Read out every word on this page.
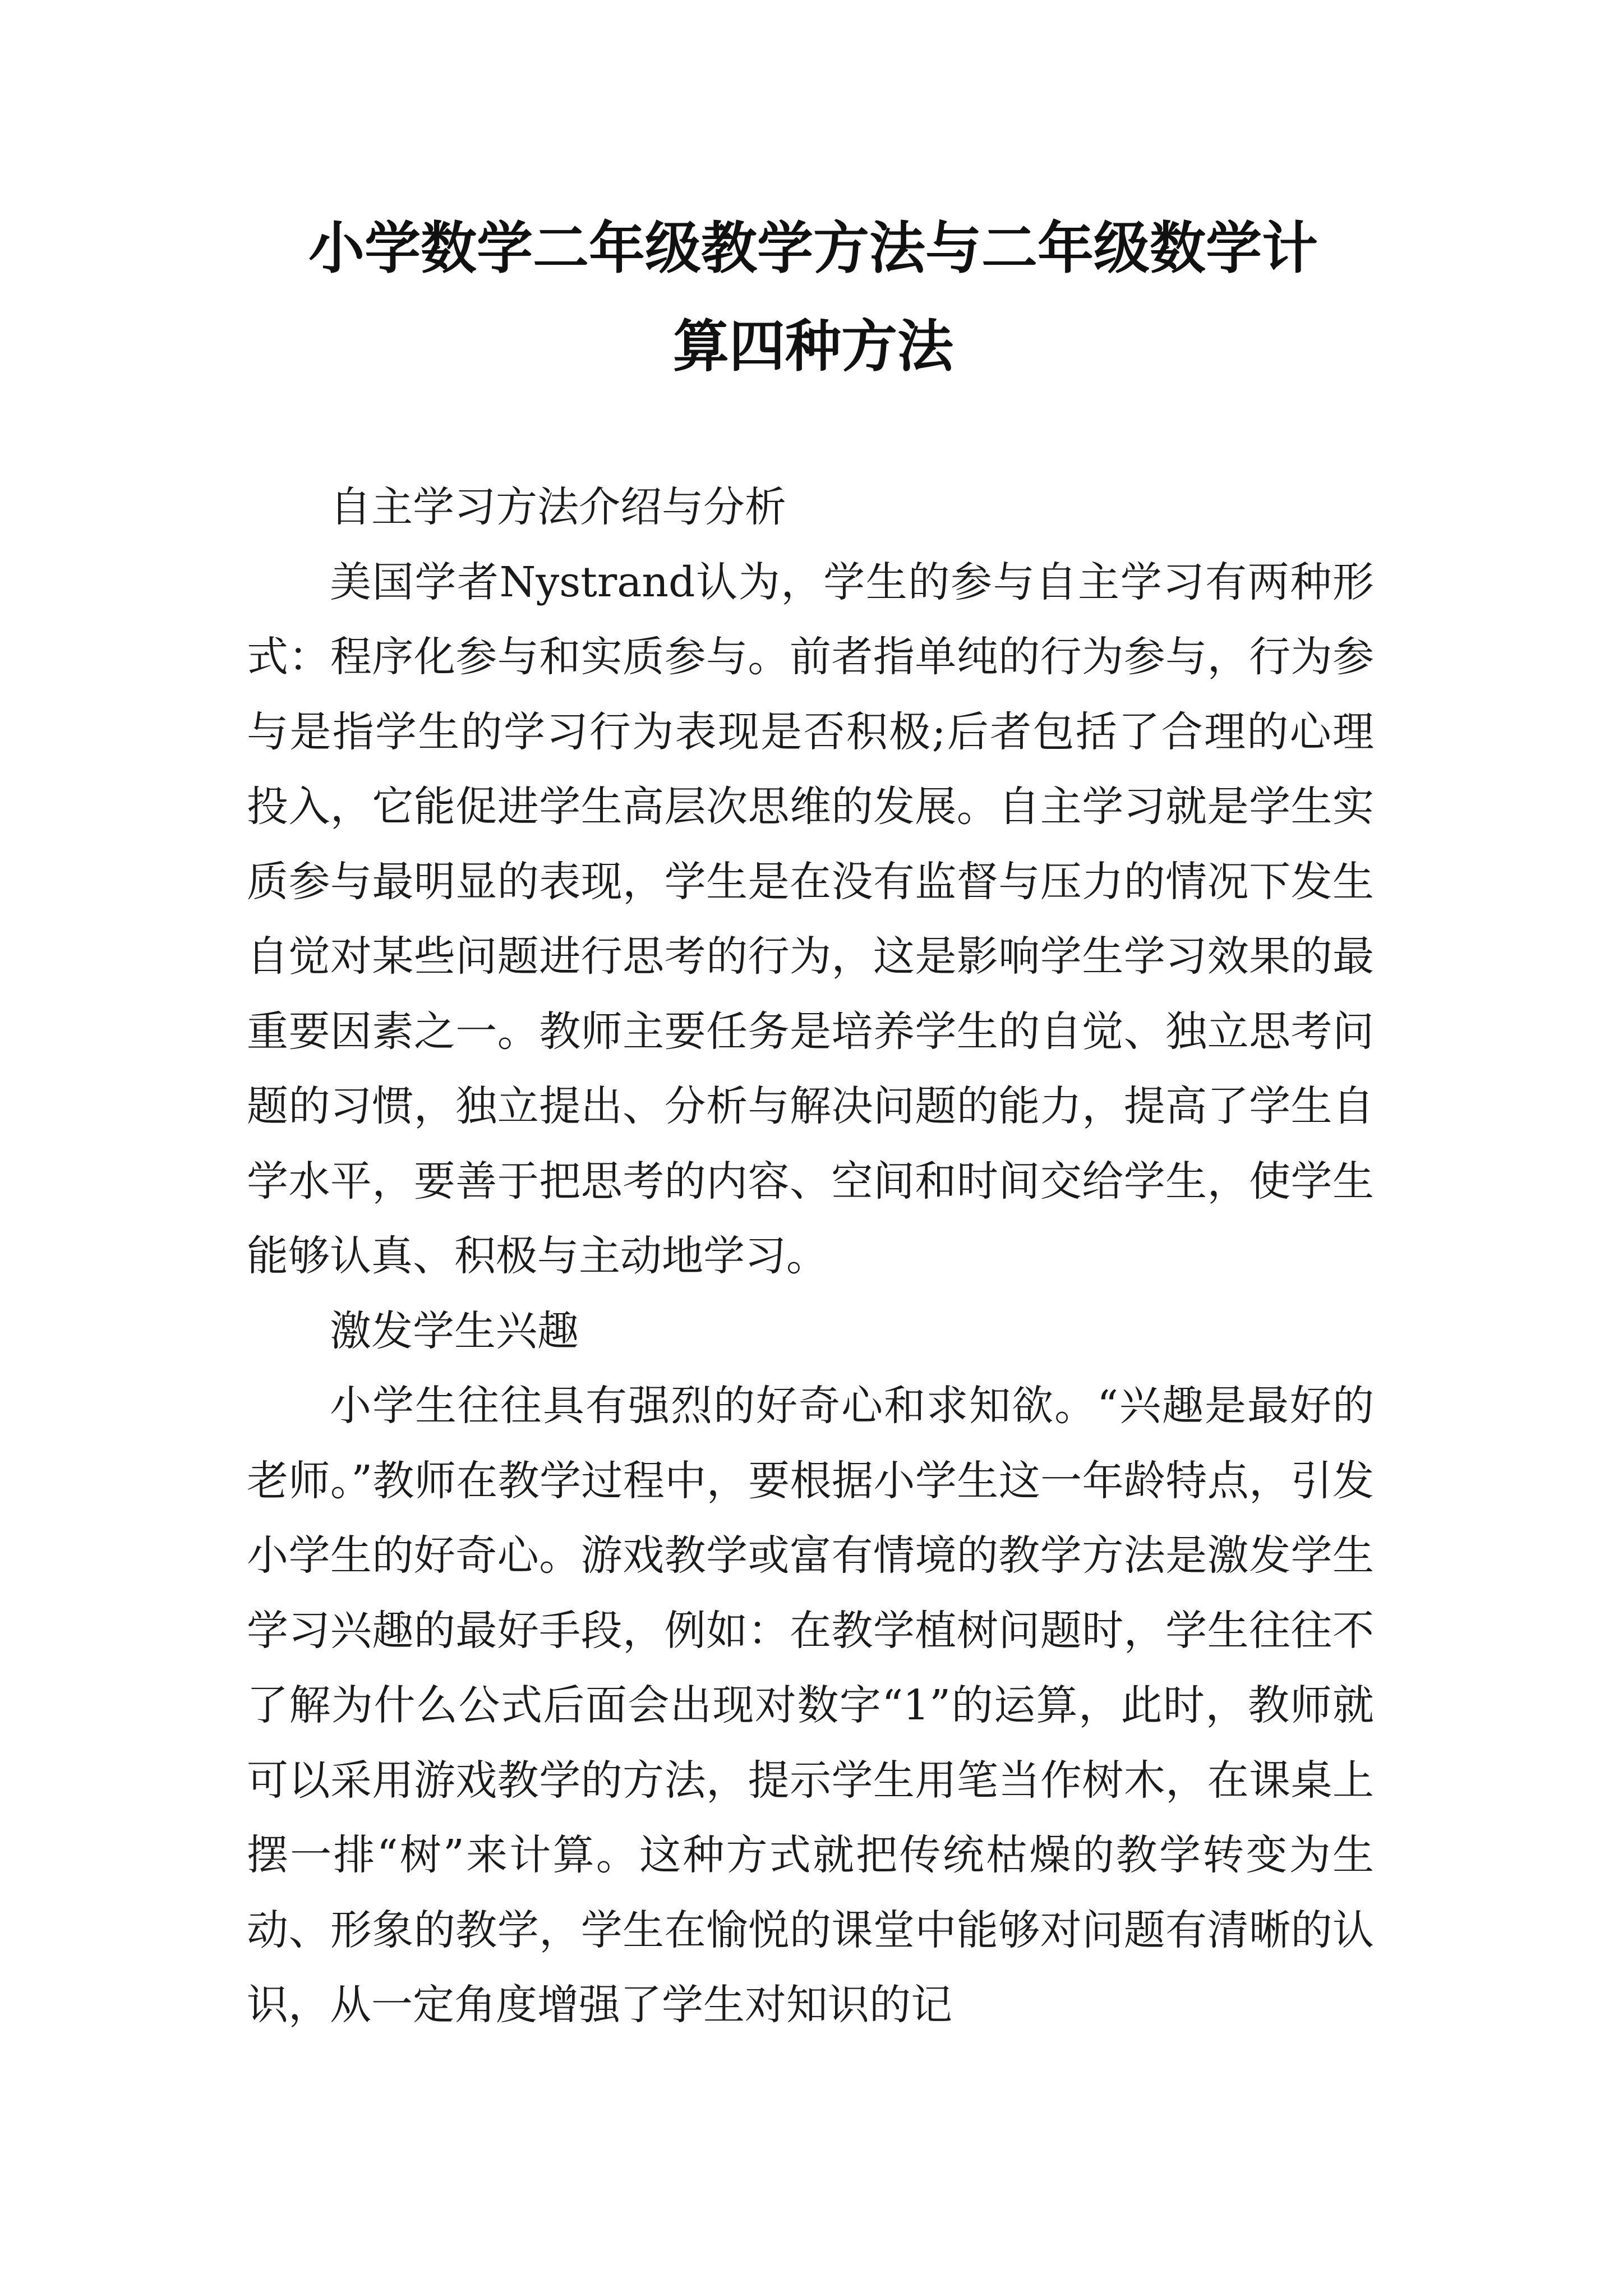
小学数学二年级教学方法与二年级数学计
算四种方法

自主学习方法介绍与分析

美国学者Nystrand认为，学生的参与自主学习有两种形式：程序化参与和实质参与。前者指单纯的行为参与，行为参与是指学生的学习行为表现是否积极;后者包括了合理的心理投入，它能促进学生高层次思维的发展。自主学习就是学生实质参与最明显的表现，学生是在没有监督与压力的情况下发生自觉对某些问题进行思考的行为，这是影响学生学习效果的最重要因素之一。教师主要任务是培养学生的自觉、独立思考问题的习惯，独立提出、分析与解决问题的能力，提高了学生自学水平，要善于把思考的内容、空间和时间交给学生，使学生能够认真、积极与主动地学习。

激发学生兴趣

小学生往往具有强烈的好奇心和求知欲。“兴趣是最好的老师。”教师在教学过程中，要根据小学生这一年龄特点，引发小学生的好奇心。游戏教学或富有情境的教学方法是激发学生学习兴趣的最好手段，例如：在教学植树问题时，学生往往不了解为什么公式后面会出现对数字“1”的运算，此时，教师就可以采用游戏教学的方法，提示学生用笔当作树木，在课桌上摆一排“树”来计算。这种方式就把传统枯燥的教学转变为生动、形象的教学，学生在愉悦的课堂中能够对问题有清晰的认识，从一定角度增强了学生对知识的记
